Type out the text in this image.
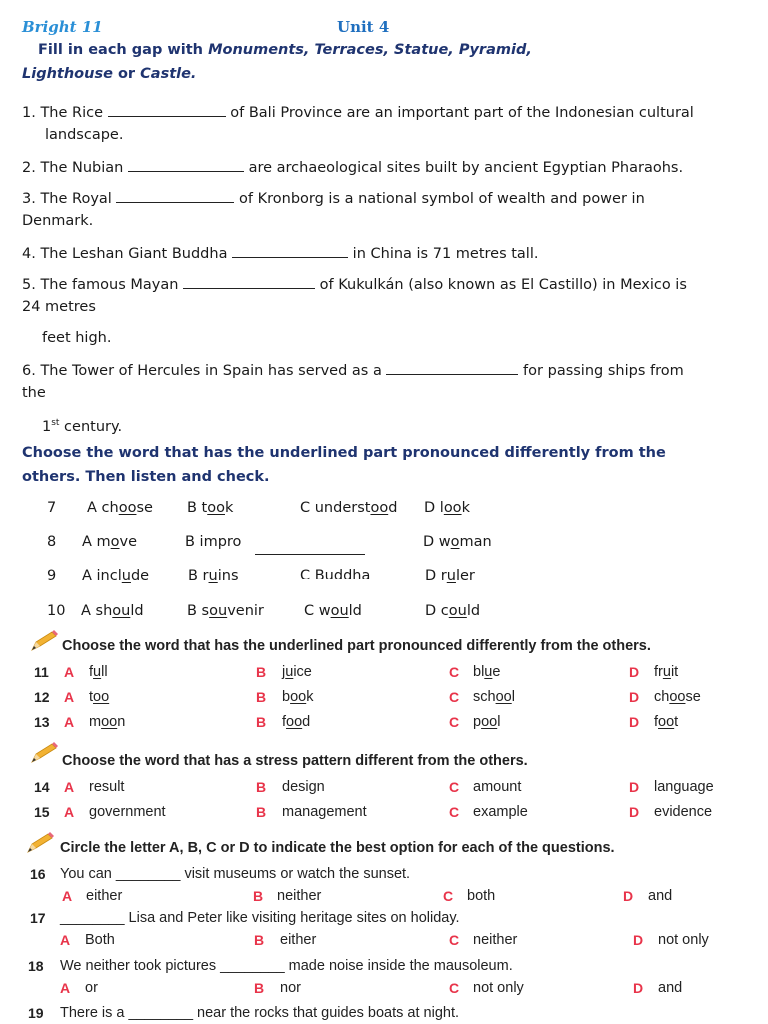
Bright 11	Unit 4
Fill in each gap with Monuments, Terraces, Statue, Pyramid,
Lighthouse or Castle.
1. The Rice	of Bali Province are an important part of the Indonesian cultural
landscape.
2. The Nubian	are archaeological sites built by ancient Egyptian Pharaohs.
3. The Royal	of Kronborg is a national symbol of wealth and power in
Denmark.
4. The Leshan Giant Buddha	in China is 71 metres tall.
5. The famous Mayan	of Kukulkán (also known as El Castillo) in Mexico is
24 metres
feet high.
6. The Tower of Hercules in Spain has served as a	for passing ships from
the
1st century.
Choose the word that has the underlined part pronounced differently from the
others. Then listen and check.
7 A choose B took	C understood D look
8 A move	B impro	D woman
9 A include	B ruins	C Buddha	D ruler
10 A should	B souvenir	C would	D could
Choose the word that has the underlined part pronounced differently from the others.
11 A full	B juice	C blue	D fruit
12 A too	B book	C school	D choose
13 A moon	B food	C pool	D foot
Choose the word that has a stress pattern different from the others.
14 A result	B design	C amount	D language
15 A government	B management	C example	D evidence
Circle the letter A, B, C or D to indicate the best option for each of the questions.
16 You can ________ visit museums or watch the sunset.
A either	B neither	C both	D and
17 ________ Lisa and Peter like visiting heritage sites on holiday.
A Both	B either	C neither	D not only
18 We neither took pictures ________ made noise inside the mausoleum.
A or	B nor	C not only	D and
19 There is a ________ near the rocks that guides boats at night.
